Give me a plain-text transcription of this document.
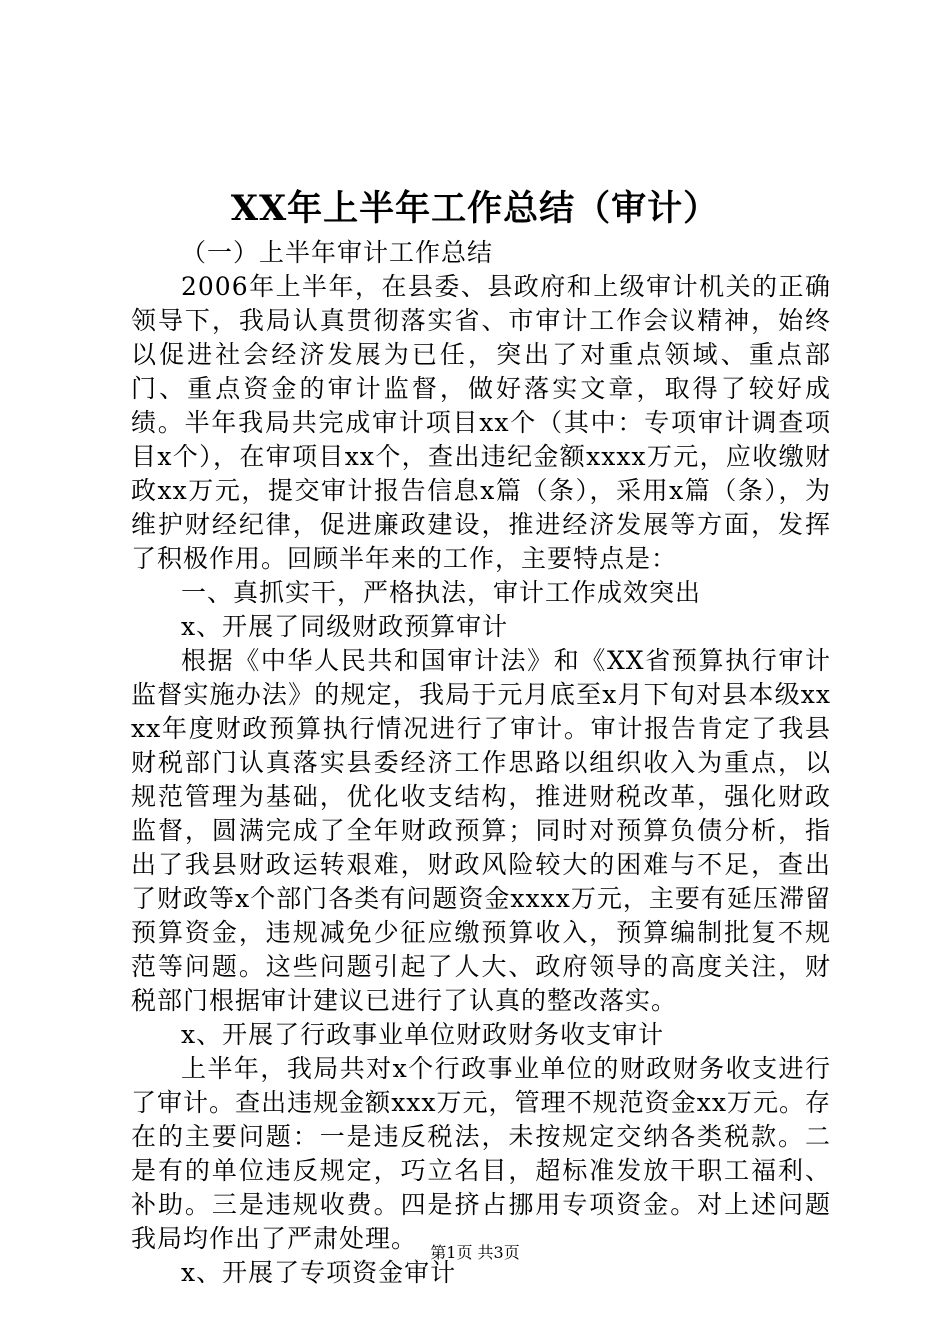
XX年上半年工作总结（审计）

（一）上半年审计工作总结

2006年上半年，在县委、县政府和上级审计机关的正确领导下，我局认真贯彻落实省、市审计工作会议精神，始终以促进社会经济发展为已任，突出了对重点领域、重点部门、重点资金的审计监督，做好落实文章，取得了较好成绩。半年我局共完成审计项目xx个（其中：专项审计调查项目x个），在审项目xx个，查出违纪金额xxxx万元，应收缴财政xx万元，提交审计报告信息x篇（条），采用x篇（条），为维护财经纪律，促进廉政建设，推进经济发展等方面，发挥了积极作用。回顾半年来的工作，主要特点是：

一、真抓实干，严格执法，审计工作成效突出

x、开展了同级财政预算审计

根据《中华人民共和国审计法》和《XX省预算执行审计监督实施办法》的规定，我局于元月底至x月下旬对县本级xxxx年度财政预算执行情况进行了审计。审计报告肯定了我县财税部门认真落实县委经济工作思路以组织收入为重点，以规范管理为基础，优化收支结构，推进财税改革，强化财政监督，圆满完成了全年财政预算；同时对预算负债分析，指出了我县财政运转艰难，财政风险较大的困难与不足，查出了财政等x个部门各类有问题资金xxxx万元，主要有延压滞留预算资金，违规减免少征应缴预算收入，预算编制批复不规范等问题。这些问题引起了人大、政府领导的高度关注，财税部门根据审计建议已进行了认真的整改落实。

x、开展了行政事业单位财政财务收支审计

上半年，我局共对x个行政事业单位的财政财务收支进行了审计。查出违规金额xxx万元，管理不规范资金xx万元。存在的主要问题：一是违反税法，未按规定交纳各类税款。二是有的单位违反规定，巧立名目，超标准发放干职工福利、补助。三是违规收费。四是挤占挪用专项资金。对上述问题我局均作出了严肃处理。

x、开展了专项资金审计

第1页 共3页
